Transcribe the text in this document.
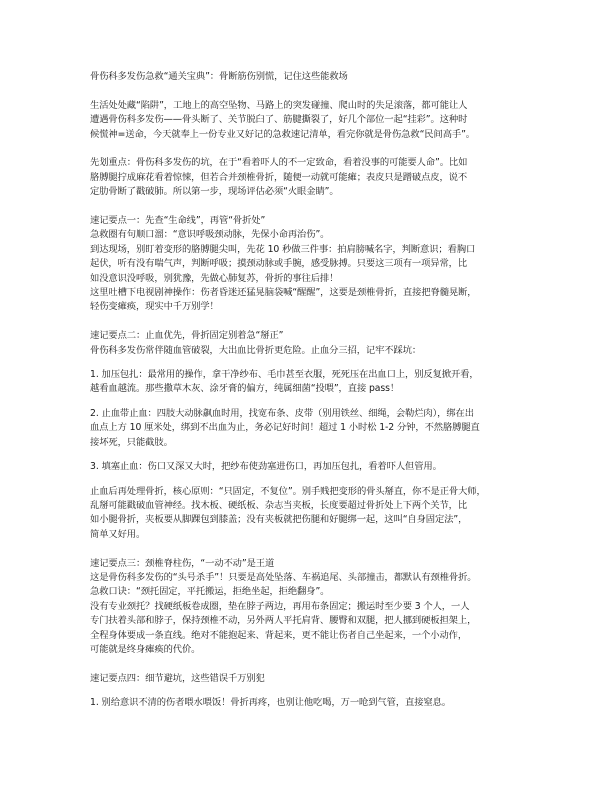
骨伤科多发伤急救“通关宝典”：骨断筋伤别慌，记住这些能救场
生活处处藏“陷阱”，工地上的高空坠物、马路上的突发碰撞、爬山时的失足滚落，都可能让人
遭遇骨伤科多发伤——骨头断了、关节脱臼了、筋腱撕裂了，好几个部位一起“挂彩”。这种时
候慌神=送命，今天就奉上一份专业又好记的急救速记清单，看完你就是骨伤急救“民间高手”。
先划重点：骨伤科多发伤的坑，在于“看着吓人的不一定致命，看着没事的可能要人命”。比如
胳膊腿拧成麻花看着惊悚，但若合并颈椎骨折，随便一动就可能瘫；表皮只是蹭破点皮，说不
定肋骨断了戳破肺。所以第一步，现场评估必须“火眼金睛”。
速记要点一：先查“生命线”，再管“骨折处”
急救圈有句顺口溜：“意识呼吸颈动脉，先保小命再治伤”。
到达现场，别盯着变形的胳膊腿尖叫，先花 10 秒做三件事：拍肩膀喊名字，判断意识；看胸口
起伏，听有没有喘气声，判断呼吸；摸颈动脉或手腕，感受脉搏。只要这三项有一项异常，比
如没意识没呼吸，别犹豫，先做心肺复苏，骨折的事往后排！
这里吐槽下电视剧神操作：伤者昏迷还猛晃脑袋喊“醒醒”，这要是颈椎骨折，直接把脊髓晃断，
轻伤变瘫痪，现实中千万别学！
速记要点二：止血优先，骨折固定别着急“掰正”
骨伤科多发伤常伴随血管破裂，大出血比骨折更危险。止血分三招，记牢不踩坑：
1. 加压包扎：最常用的操作，拿干净纱布、毛巾甚至衣服，死死压在出血口上，别反复掀开看，
越看血越流。那些撒草木灰、涂牙膏的偏方，纯属细菌“投喂”，直接 pass！
2. 止血带止血：四肢大动脉飙血时用，找宽布条、皮带（别用铁丝、细绳，会勒烂肉），绑在出
血点上方 10 厘米处，绑到不出血为止，务必记好时间！超过 1 小时松 1-2 分钟，不然胳膊腿直
接坏死，只能截肢。
3. 填塞止血：伤口又深又大时，把纱布使劲塞进伤口，再加压包扎，看着吓人但管用。
止血后再处理骨折，核心原则：“只固定，不复位”。别手贱把变形的骨头掰直，你不是正骨大师，
乱掰可能戳破血管神经。找木板、硬纸板、杂志当夹板，长度要超过骨折处上下两个关节，比
如小腿骨折，夹板要从脚踝包到膝盖；没有夹板就把伤腿和好腿绑一起，这叫“自身固定法”，
简单又好用。
速记要点三：颈椎脊柱伤，“一动不动”是王道
这是骨伤科多发伤的“头号杀手”！只要是高处坠落、车祸追尾、头部撞击，都默认有颈椎骨折。
急救口诀：“颈托固定，平托搬运，拒绝坐起，拒绝翻身”。
没有专业颈托？找硬纸板卷成圈，垫在脖子两边，再用布条固定；搬运时至少要 3 个人，一人
专门扶着头部和脖子，保持颈椎不动，另外两人平托肩背、腰臀和双腿，把人挪到硬板担架上，
全程身体要成一条直线。绝对不能抱起来、背起来，更不能让伤者自己坐起来，一个小动作，
可能就是终身瘫痪的代价。
速记要点四：细节避坑，这些错误千万别犯
1. 别给意识不清的伤者喂水喂饭！骨折再疼，也别让他吃喝，万一呛到气管，直接窒息。
